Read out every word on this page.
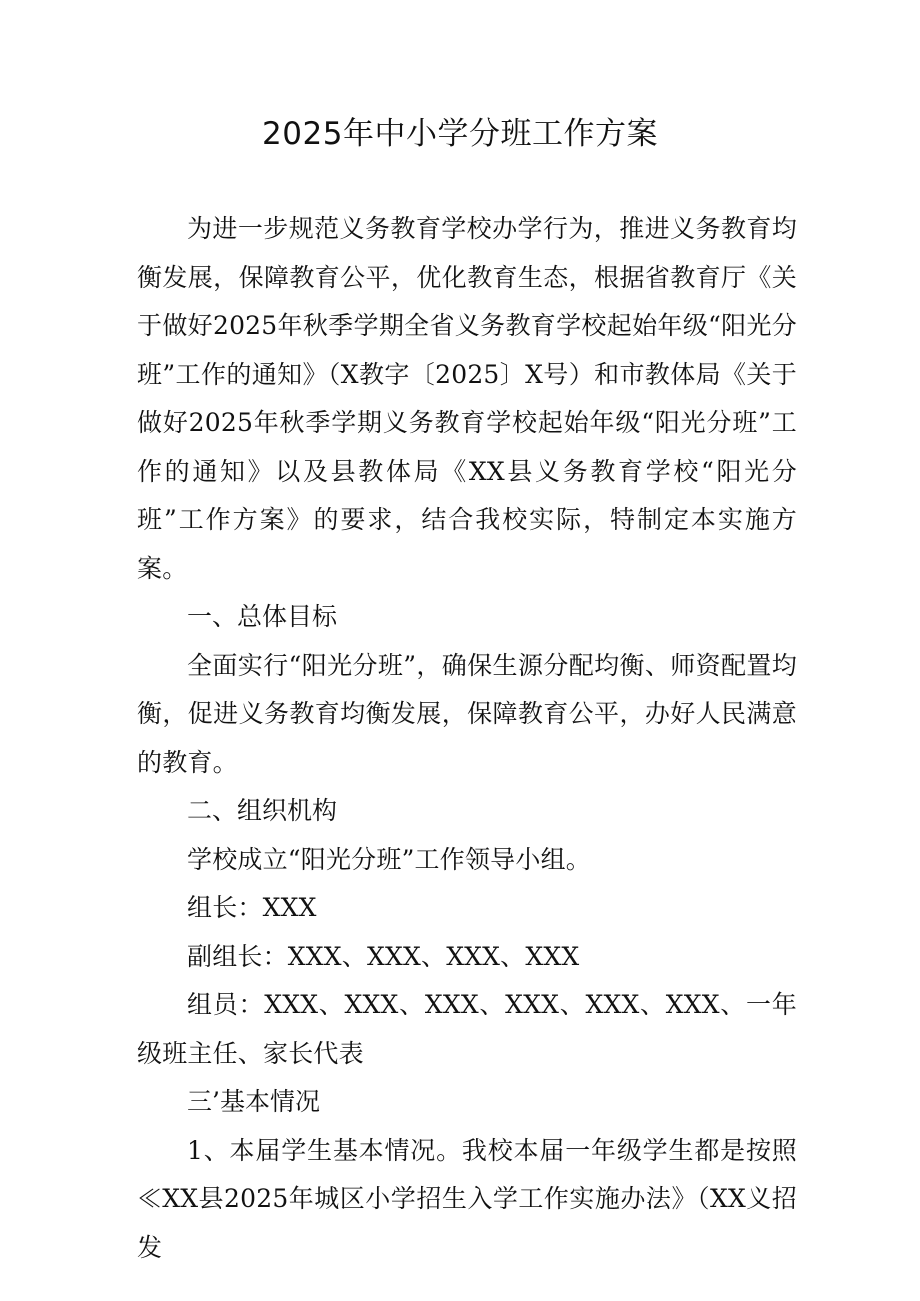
2025年中小学分班工作方案

为进一步规范义务教育学校办学行为，推进义务教育均衡发展，保障教育公平，优化教育生态，根据省教育厅《关于做好2025年秋季学期全省义务教育学校起始年级“阳光分班”工作的通知》（X教字〔2025〕X号）和市教体局《关于做好2025年秋季学期义务教育学校起始年级“阳光分班”工作的通知》以及县教体局《XX县义务教育学校“阳光分班”工作方案》的要求，结合我校实际，特制定本实施方案。

一、总体目标

全面实行“阳光分班”，确保生源分配均衡、师资配置均衡，促进义务教育均衡发展，保障教育公平，办好人民满意的教育。

二、组织机构

学校成立“阳光分班”工作领导小组。

组长：XXX

副组长：XXX、XXX、XXX、XXX

组员：XXX、XXX、XXX、XXX、XXX、XXX、一年级班主任、家长代表

三’基本情况

1、本届学生基本情况。我校本届一年级学生都是按照≪XX县2025年城区小学招生入学工作实施办法》（XX义招发
